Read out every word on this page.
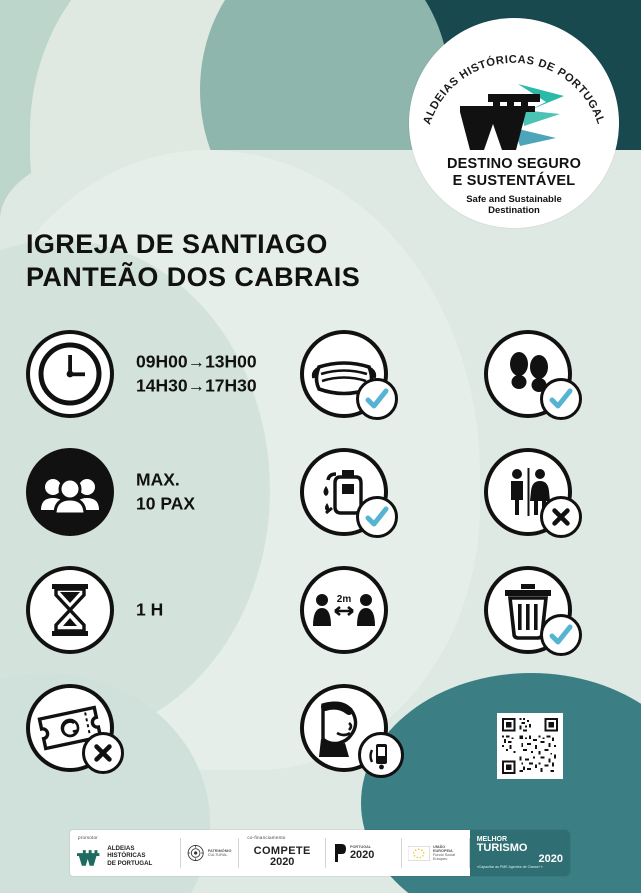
ALDEIAS HISTÓRICAS DE PORTUGAL
DESTINO SEGURO
E SUSTENTÁVEL
Safe and Sustainable
Destination
IGREJA DE SANTIAGO
PANTEÃO DOS CABRAIS
09H00→13H00
14H30→17H30
MAX.
10 PAX
1 H	2m
promotor
ALDEIAS HISTÓRICAS
DE PORTUGAL
PATRIMÓNIO
CULTURAL
co-financiamento
COMPETE
2020
PORTUGAL
2020
UNIÃO EUROPEIA
Fundo Social Europeu
MELHOR
TURISMO
2020
«Capacitar as PME Agentes de Classe+»
